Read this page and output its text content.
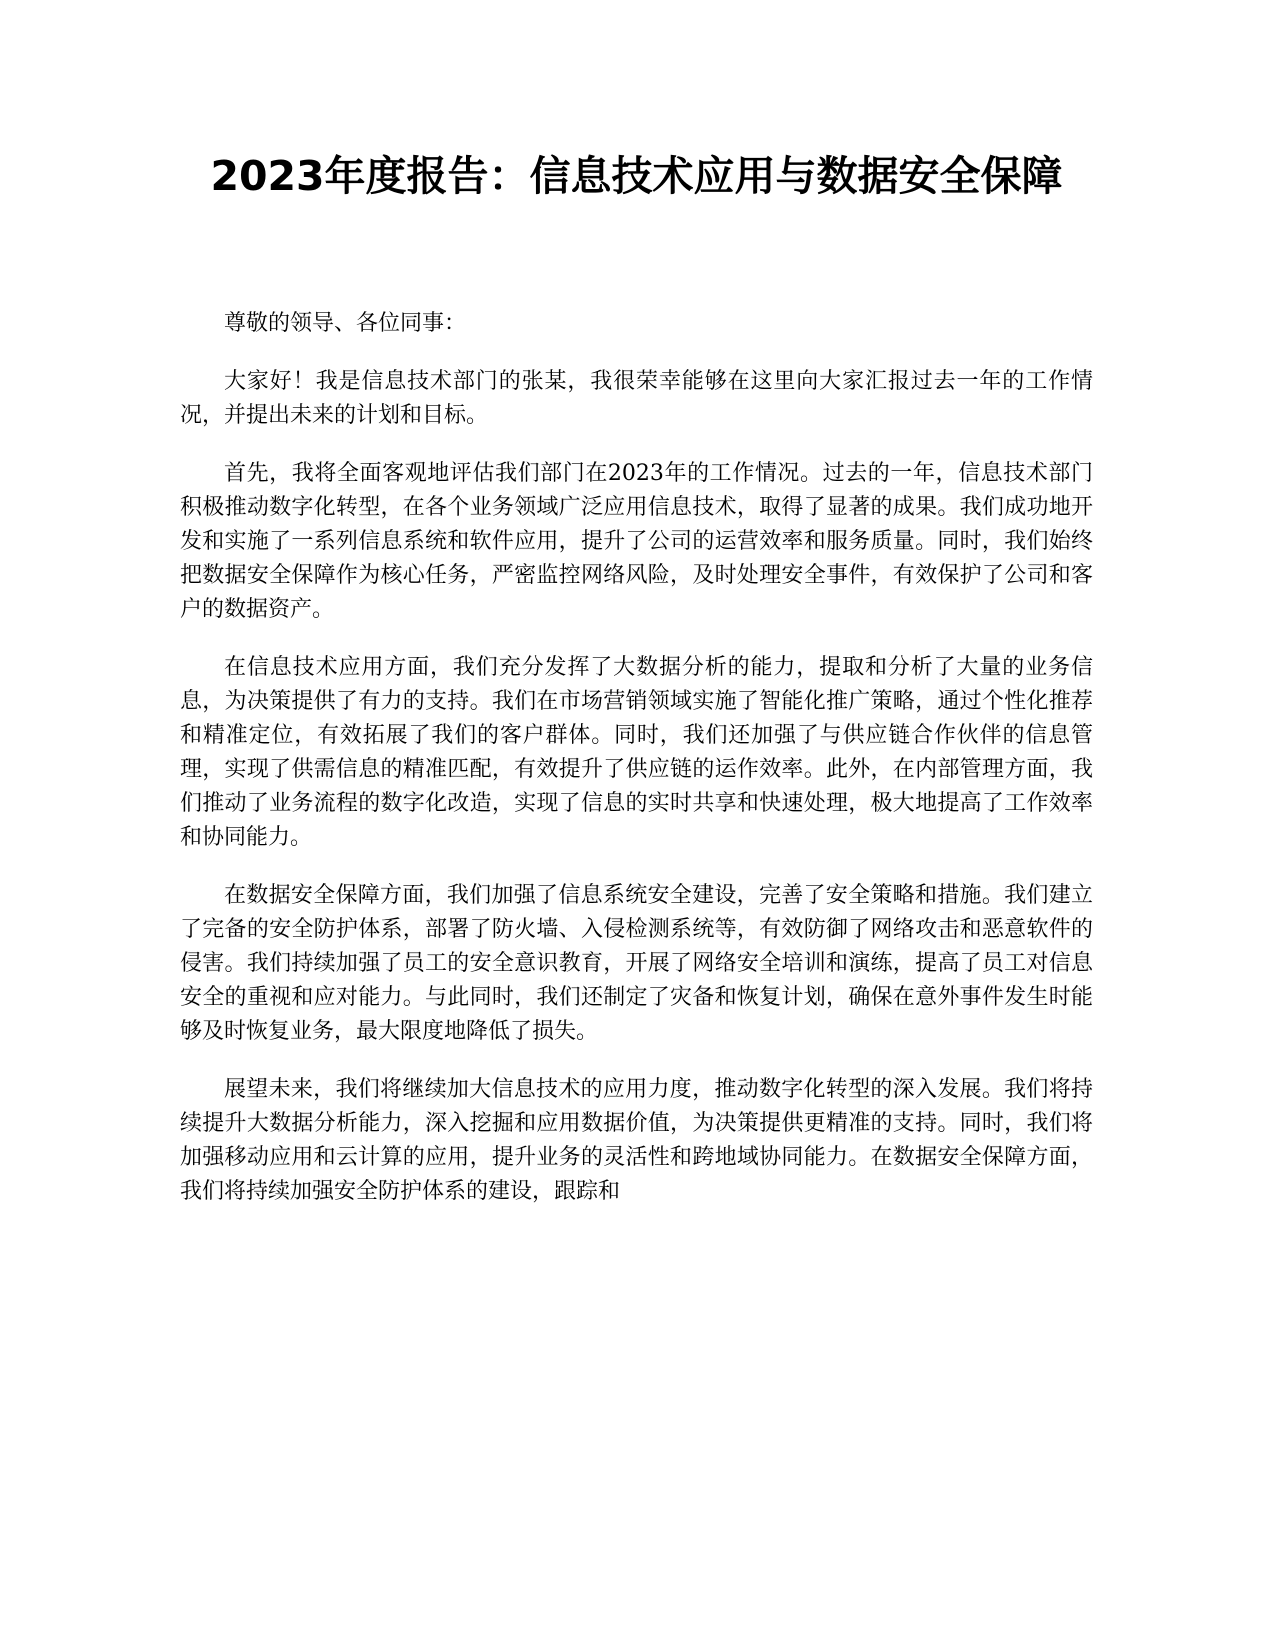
2023年度报告：信息技术应用与数据安全保障

尊敬的领导、各位同事：

大家好！我是信息技术部门的张某，我很荣幸能够在这里向大家汇报过去一年的工作情况，并提出未来的计划和目标。

首先，我将全面客观地评估我们部门在2023年的工作情况。过去的一年，信息技术部门积极推动数字化转型，在各个业务领域广泛应用信息技术，取得了显著的成果。我们成功地开发和实施了一系列信息系统和软件应用，提升了公司的运营效率和服务质量。同时，我们始终把数据安全保障作为核心任务，严密监控网络风险，及时处理安全事件，有效保护了公司和客户的数据资产。

在信息技术应用方面，我们充分发挥了大数据分析的能力，提取和分析了大量的业务信息，为决策提供了有力的支持。我们在市场营销领域实施了智能化推广策略，通过个性化推荐和精准定位，有效拓展了我们的客户群体。同时，我们还加强了与供应链合作伙伴的信息管理，实现了供需信息的精准匹配，有效提升了供应链的运作效率。此外，在内部管理方面，我们推动了业务流程的数字化改造，实现了信息的实时共享和快速处理，极大地提高了工作效率和协同能力。

在数据安全保障方面，我们加强了信息系统安全建设，完善了安全策略和措施。我们建立了完备的安全防护体系，部署了防火墙、入侵检测系统等，有效防御了网络攻击和恶意软件的侵害。我们持续加强了员工的安全意识教育，开展了网络安全培训和演练，提高了员工对信息安全的重视和应对能力。与此同时，我们还制定了灾备和恢复计划，确保在意外事件发生时能够及时恢复业务，最大限度地降低了损失。

展望未来，我们将继续加大信息技术的应用力度，推动数字化转型的深入发展。我们将持续提升大数据分析能力，深入挖掘和应用数据价值，为决策提供更精准的支持。同时，我们将加强移动应用和云计算的应用，提升业务的灵活性和跨地域协同能力。在数据安全保障方面，我们将持续加强安全防护体系的建设，跟踪和
